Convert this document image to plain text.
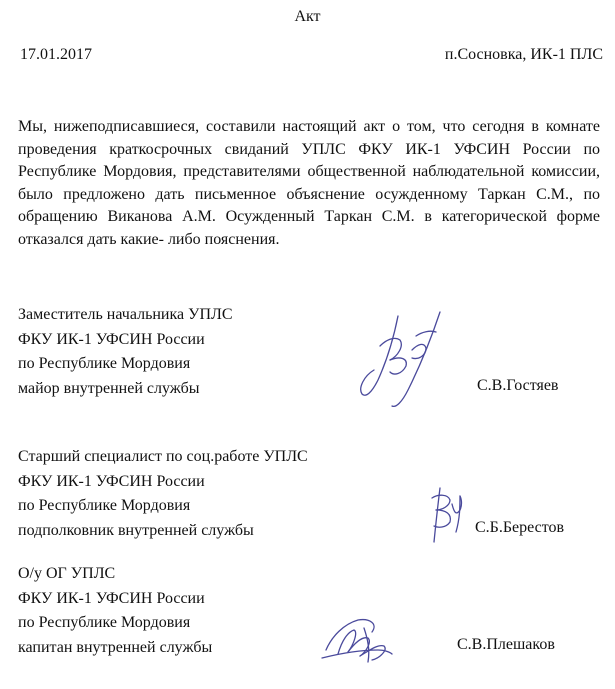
Акт
17.01.2017	п.Сосновка, ИК-1 ПЛС
Мы, нижеподписавшиеся, составили настоящий акт о том, что сегодня в комнате проведения краткосрочных свиданий УПЛС ФКУ ИК-1 УФСИН России по Республике Мордовия, представителями общественной наблюдательной комиссии, было предложено дать письменное объяснение осужденному Таркан С.М., по обращению Виканова А.М. Осужденный Таркан С.М. в категорической форме отказался дать какие- либо пояснения.
Заместитель начальника УПЛС
ФКУ ИК-1 УФСИН России
по Республике Мордовия
майор внутренней службы	С.В.Гостяев
Старший специалист по соц.работе УПЛС
ФКУ ИК-1 УФСИН России
по Республике Мордовия
подполковник внутренней службы	С.Б.Берестов
О/у ОГ УПЛС
ФКУ ИК-1 УФСИН России
по Республике Мордовия
капитан внутренней службы	С.В.Плешаков
